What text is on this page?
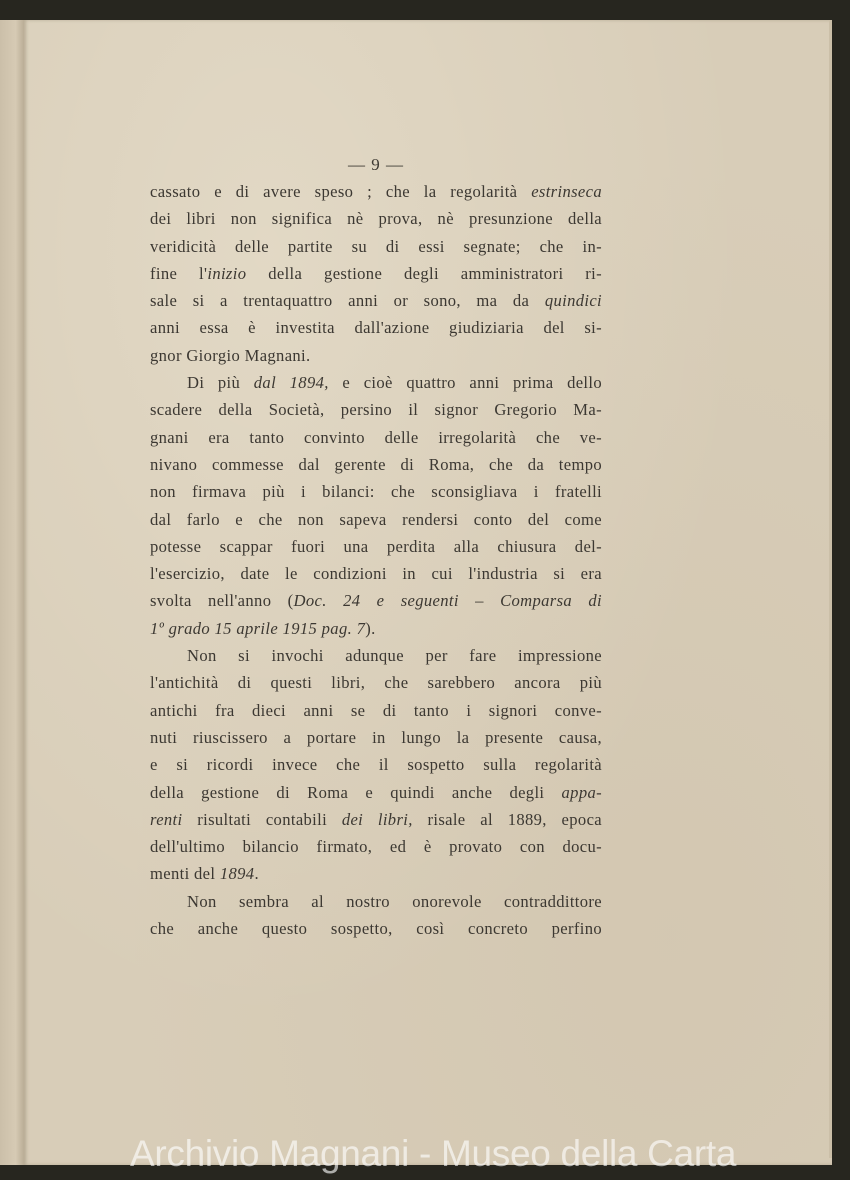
— 9 —
cassato e di avere speso ; che la regolarità estrinseca
dei libri non significa nè prova, nè presunzione della
veridicità delle partite su di essi segnate; che in-
fine l'inizio della gestione degli amministratori ri-
sale si a trentaquattro anni or sono, ma da quindici
anni essa è investita dall'azione giudiziaria del si-
gnor Giorgio Magnani.
Di più dal 1894, e cioè quattro anni prima dello
scadere della Società, persino il signor Gregorio Ma-
gnani era tanto convinto delle irregolarità che ve-
nivano commesse dal gerente di Roma, che da tempo
non firmava più i bilanci: che sconsigliava i fratelli
dal farlo e che non sapeva rendersi conto del come
potesse scappar fuori una perdita alla chiusura del-
l'esercizio, date le condizioni in cui l'industria si era
svolta nell'anno (Doc. 24 e seguenti – Comparsa di
1º grado 15 aprile 1915 pag. 7).
Non si invochi adunque per fare impressione
l'antichità di questi libri, che sarebbero ancora più
antichi fra dieci anni se di tanto i signori conve-
nuti riuscissero a portare in lungo la presente causa,
e si ricordi invece che il sospetto sulla regolarità
della gestione di Roma e quindi anche degli appa-
renti risultati contabili dei libri, risale al 1889, epoca
dell'ultimo bilancio firmato, ed è provato con docu-
menti del 1894.
Non sembra al nostro onorevole contraddittore
che anche questo sospetto, così concreto perfino
Archivio Magnani - Museo della Carta
